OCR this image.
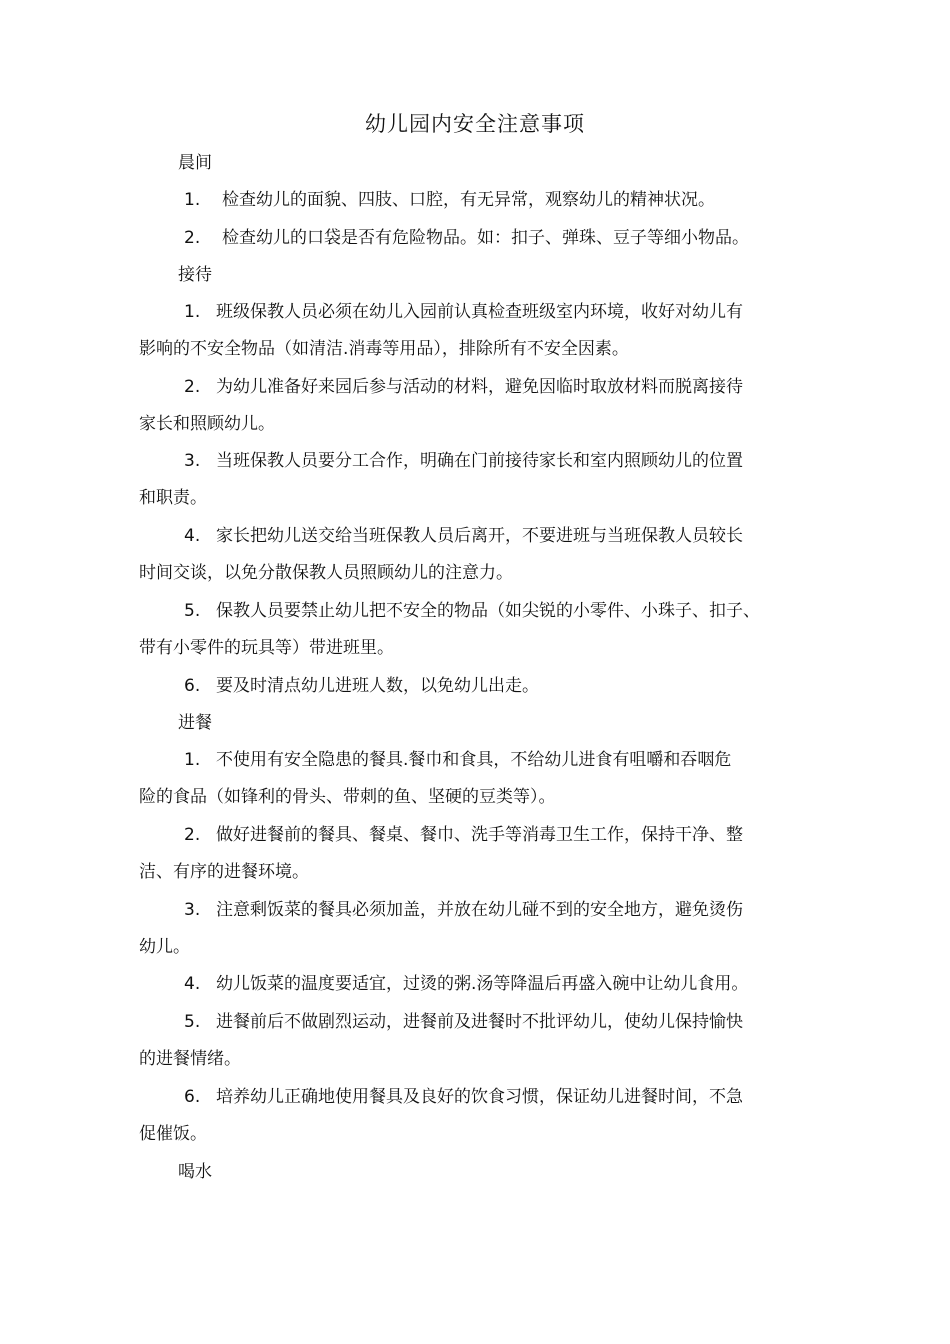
幼儿园内安全注意事项
晨间
1. 检查幼儿的面貌、四肢、口腔，有无异常，观察幼儿的精神状况。
2. 检查幼儿的口袋是否有危险物品。如：扣子、弹珠、豆子等细小物品。
接待
1. 班级保教人员必须在幼儿入园前认真检查班级室内环境，收好对幼儿有
影响的不安全物品（如清洁.消毒等用品），排除所有不安全因素。
2. 为幼儿准备好来园后参与活动的材料，避免因临时取放材料而脱离接待
家长和照顾幼儿。
3. 当班保教人员要分工合作，明确在门前接待家长和室内照顾幼儿的位置
和职责。
4. 家长把幼儿送交给当班保教人员后离开，不要进班与当班保教人员较长
时间交谈，以免分散保教人员照顾幼儿的注意力。
5. 保教人员要禁止幼儿把不安全的物品（如尖锐的小零件、小珠子、扣子、
带有小零件的玩具等）带进班里。
6. 要及时清点幼儿进班人数，以免幼儿出走。
进餐
1. 不使用有安全隐患的餐具.餐巾和食具，不给幼儿进食有咀嚼和吞咽危
险的食品（如锋利的骨头、带刺的鱼、坚硬的豆类等）。
2. 做好进餐前的餐具、餐桌、餐巾、洗手等消毒卫生工作，保持干净、整
洁、有序的进餐环境。
3. 注意剩饭菜的餐具必须加盖，并放在幼儿碰不到的安全地方，避免烫伤
幼儿。
4. 幼儿饭菜的温度要适宜，过烫的粥.汤等降温后再盛入碗中让幼儿食用。
5. 进餐前后不做剧烈运动，进餐前及进餐时不批评幼儿，使幼儿保持愉快
的进餐情绪。
6. 培养幼儿正确地使用餐具及良好的饮食习惯，保证幼儿进餐时间，不急
促催饭。
喝水
